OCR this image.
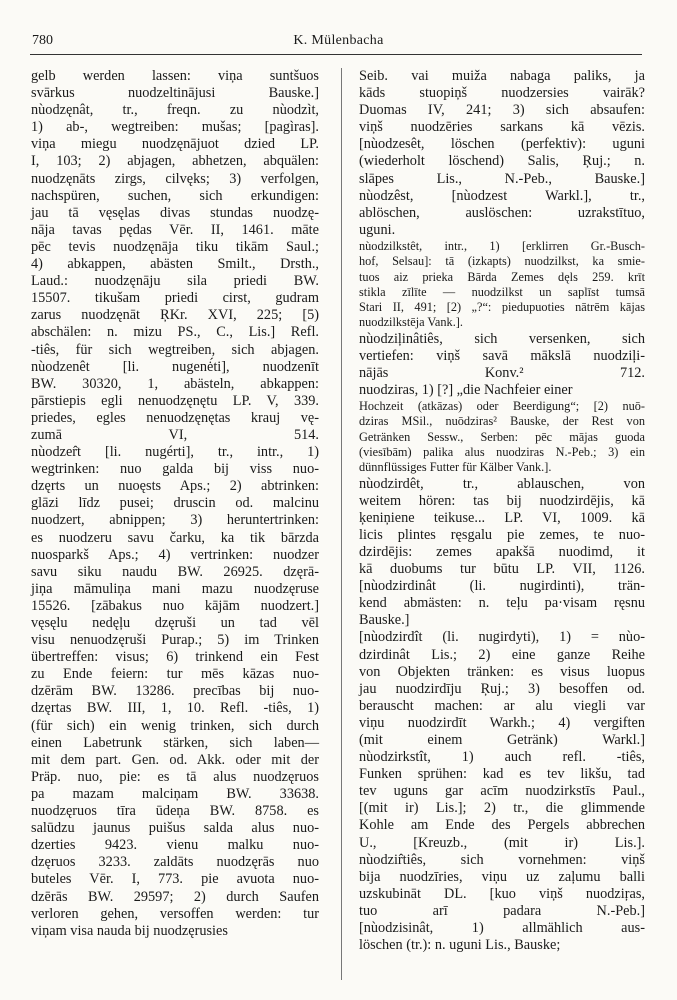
780	K. Mülenbacha
gelb werden lassen: viņa suntšuos
svārkus nuodzeltinājusi Bauske.]
nùodzęnât, tr., freqn. zu nùodzìt,
1) ab-, wegtreiben: mušas; [pagìras].
viņa miegu nuodzęnājuot dzied LP.
I, 103; 2) abjagen, abhetzen, abquälen:
nuodzęnāts zirgs, cilvęks; 3) verfolgen,
nachspüren, suchen, sich erkundigen:
jau tā vęsęlas divas stundas nuodzę-
nāja tavas pędas Vēr. II, 1461. māte
pēc tevis nuodzęnāja tiku tikām Saul.;
4) abkappen, abästen Smilt., Drsth.,
Laud.: nuodzęnāju sila priedi BW.
15507. tikušam priedi cirst, gudram
zarus nuodzęnāt ŖKr. XVI, 225; [5)
abschälen: n. mizu PS., C., Lis.] Refl.
-tiês, für sich wegtreiben, sich abjagen.
nùodzenêt [li. nugenė́ti], nuodzenīt
BW. 30320, 1, abästeln, abkappen:
pārstiepis egli nenuodzęnętu LP. V, 339.
priedes, egles nenuodzęnętas krauj vę-
zumā VI, 514.
nùodzer̂t [li. nugérti], tr., intr., 1)
wegtrinken: nuo galda bij viss nuo-
dzęrts un nuoęsts Aps.; 2) abtrinken:
glāzi līdz pusei; druscin od. malcinu
nuodzert, abnippen; 3) heruntertrinken:
es nuodzeru savu čarku, ka tik bārzda
nuosparkš Aps.; 4) vertrinken: nuodzer
savu siku naudu BW. 26925. dzęrā-
jiņa māmuliņa mani mazu nuodzęruse
15526. [zābakus nuo kājām nuodzert.]
vęsęlu nedęļu dzęruši un tad vēl
visu nenuodzęruši Purap.; 5) im Trinken
übertreffen: visus; 6) trinkend ein Fest
zu Ende feiern: tur mēs kāzas nuo-
dzērām BW. 13286. precības bij nuo-
dzęrtas BW. III, 1, 10. Refl. -tiês, 1)
(für sich) ein wenig trinken, sich durch
einen Labetrunk stärken, sich laben—
mit dem part. Gen. od. Akk. oder mit der
Präp. nuo, pie: es tā alus nuodzęruos
pa mazam malciņam BW. 33638.
nuodzęruos tīra ūdeņa BW. 8758. es
salūdzu jaunus puišus salda alus nuo-
dzerties 9423. vienu malku nuo-
dzęruos 3233. zaldāts nuodzęrās nuo
buteles Vēr. I, 773. pie avuota nuo-
dzērās BW. 29597; 2) durch Saufen
verloren gehen, versoffen werden: tur
viņam visa nauda bij nuodzęrusies
Seib. vai muiža nabaga paliks, ja
kāds stuopiņš nuodzersies vairāk?
Duomas IV, 241; 3) sich absaufen:
viņš nuodzēries sarkans kā vēzis.
[nùodzesêt, löschen (perfektiv): uguni
(wiederholt löschend) Salis, Ŗuj.; n.
slāpes Lis., N.-Peb., Bauske.]
nùodzêst, [nùodzest Warkl.], tr.,
ablöschen, auslöschen: uzrakstītuo,
uguni.
nùodzilkstêt, intr., 1) [erklirren Gr.-Busch-
hof, Selsau]: tā (izkapts) nuodzilkst, ka smie-
tuos aiz prieka Bārda Zemes dęls 259. krīt
stikla zīlīte — nuodzilkst un saplīst tumsā
Stari II, 491; [2) „?“: piedupuoties nātrēm kājas
nuodzilkstēja Vank.].
nùodziļinâtiês, sich versenken, sich
vertiefen: viņš savā mākslā nuodziļi-
nājās Konv.² 712.
nuodziras, 1) [?] „die Nachfeier einer
Hochzeit (atkāzas) oder Beerdigung“; [2) nuō-
dziras MSil., nuōdziras² Bauske, der Rest von
Getränken Sessw., Serben: pēc mājas guoda
(viesībām) palika alus nuodziras N.-Peb.; 3) ein
dünnflüssiges Futter für Kälber Vank.].
nùodzirdêt, tr., ablauschen, von
weitem hören: tas bij nuodzirdējis, kā
ķeniņiene teikuse... LP. VI, 1009. kā
licis plintes ręsgalu pie zemes, te nuo-
dzirdējis: zemes apakšā nuodimd, it
kā duobums tur būtu LP. VII, 1126.
[nùodzirdinât (li. nugirdinti), trän-
kend abmästen: n. teļu pa·visam ręsnu
Bauske.]
[nùodzirdît (li. nugirdyti), 1) = nùo-
dzirdinât Lis.; 2) eine ganze Reihe
von Objekten tränken: es visus luopus
jau nuodzirdīju Ŗuj.; 3) besoffen od.
berauscht machen: ar alu viegli var
viņu nuodzirdīt Warkh.; 4) vergiften
(mit einem Getränk) Warkl.]
nùodzirkstît, 1) auch refl. -tiês,
Funken sprühen: kad es tev likšu, tad
tev uguns gar acīm nuodzirkstīs Paul.,
[(mit ir) Lis.]; 2) tr., die glimmende
Kohle am Ende des Pergels abbrechen
U., [Kreuzb., (mit ir) Lis.].
nùodzir̂tiês, sich vornehmen: viņš
bija nuodzīries, viņu uz zaļumu balli
uzskubināt DL. [kuo viņš nuodziŗas,
tuo arī padara N.-Peb.]
[nùodzisinât, 1) allmählich aus-
löschen (tr.): n. uguni Lis., Bauske;
